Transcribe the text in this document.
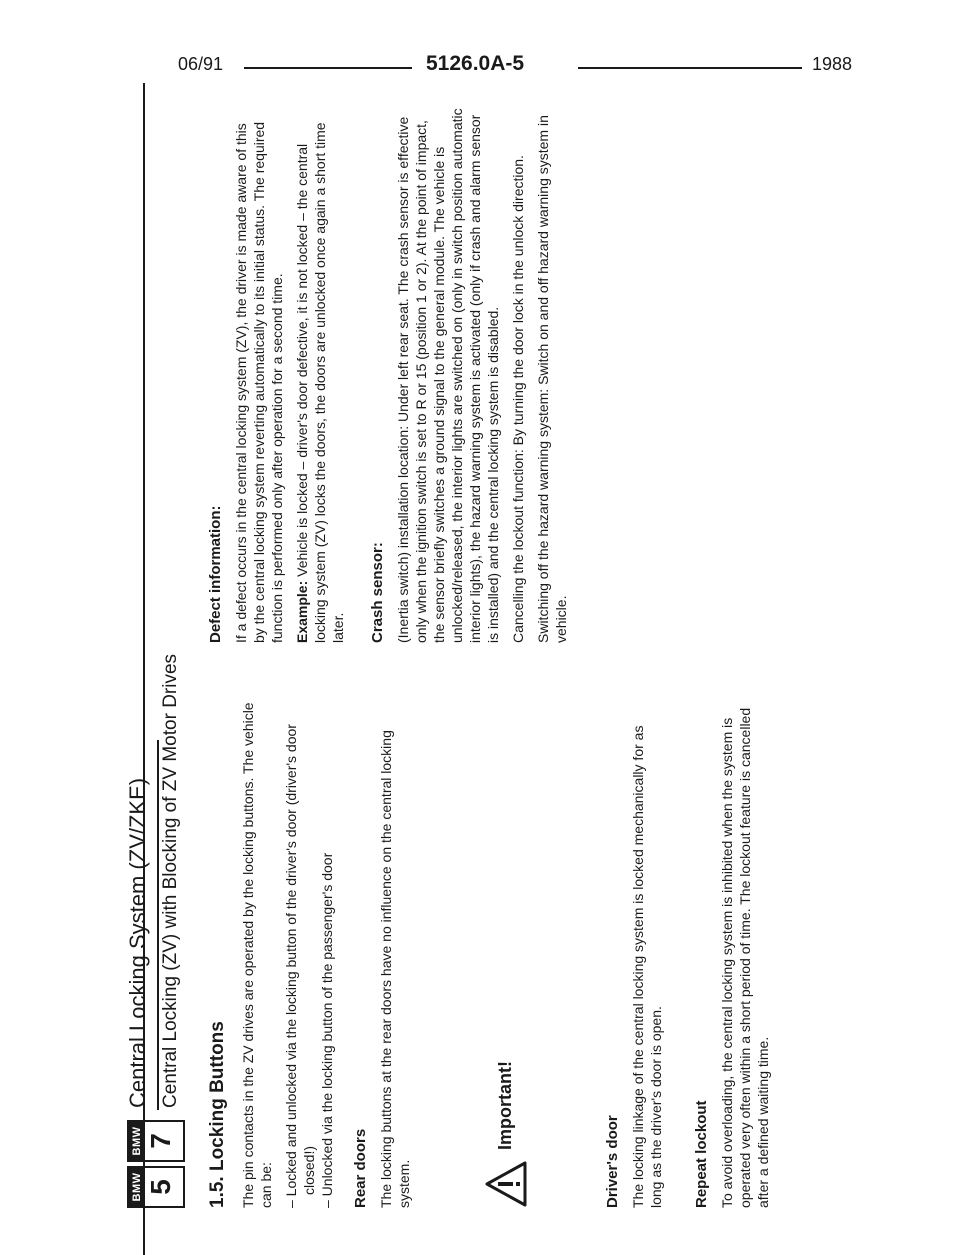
06/91	5126.0A-5	1988
BMW 5
BMW 7
Central Locking System (ZV/ZKE) Central Locking (ZV) with Blocking of ZV Motor Drives
1.5. Locking Buttons The pin contacts in the ZV drives are operated by the locking buttons. The vehicle can be: – Locked and unlocked via the locking button of the driver's door (driver's door closed!) – Unlocked via the locking button of the passenger's door Rear doors The locking buttons at the rear doors have no influence on the central locking system.

Important!
Driver's door The locking linkage of the central locking system is locked mechanically for as long as the driver's door is open. Repeat lockout To avoid overloading, the central locking system is inhibited when the system is operated very often within a short period of time. The lockout feature is cancelled after a defined waiting time.

Defect information: If a defect occurs in the central locking system (ZV), the driver is made aware of this by the central locking system reverting automatically to its initial status. The required function is performed only after operation for a second time. Example: Vehicle is locked – driver's door defective, it is not locked – the central locking system (ZV) locks the doors, the doors are unlocked once again a short time later. Crash sensor: (Inertia switch) installation location: Under left rear seat. The crash sensor is effective only when the ignition switch is set to R or 15 (position 1 or 2). At the point of impact, the sensor briefly switches a ground signal to the general module. The vehicle is unlocked/released, the interior lights are switched on (only in switch position automatic interior lights), the hazard warning system is activated (only if crash and alarm sensor is installed) and the central locking system is disabled. Cancelling the lockout function: By turning the door lock in the unlock direction. Switching off the hazard warning system: Switch on and off hazard warning system in vehicle.
